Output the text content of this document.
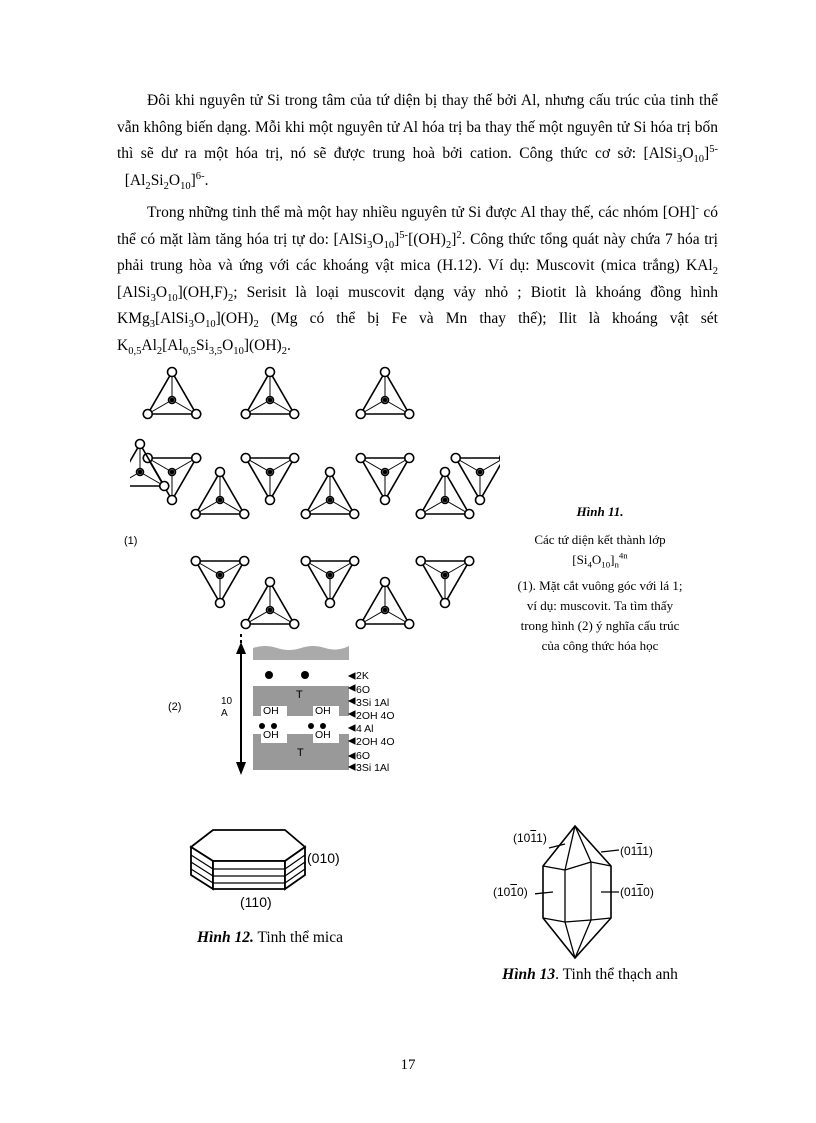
Đôi khi nguyên tử Si trong tâm của tứ diện bị thay thế bởi Al, nhưng cấu trúc của tinh thể vẫn không biến dạng. Mỗi khi một nguyên tử Al hóa trị ba thay thế một nguyên tử Si hóa trị bốn thì sẽ dư ra một hóa trị, nó sẽ được trung hoà bởi cation. Công thức cơ sở: $[AlSi_3O_{10}]^{5-}$  $[Al_2Si_2O_{10}]^{6-}$.

Trong những tinh thể mà một hay nhiều nguyên tử Si được Al thay thế, các nhóm [OH]- có thể có mặt làm tăng hóa trị tự do: $[AlSi_3O_{10}]^{5-}[(OH)_2]^2$. Công thức tổng quát này chứa 7 hóa trị phải trung hòa và ứng với các khoáng vật mica (H.12). Ví dụ: Muscovit (mica trắng) KAl$_2$ $[AlSi_3O_{10}](OH,F)_2$; Serisit là loại muscovit dạng vảy nhỏ ; Biotit là khoáng đồng hình $KMg_3[AlSi_3O_{10}](OH)_2$ (Mg có thể bị Fe và Mn thay thế); Ilit là khoáng vật sét $K_{0,5}Al_2[Al_{0,5}Si_{3,5}O_{10}](OH)_2$.

(1)
(2)	10
A
2K
6O
3Si 1Al
2OH 4O
4 Al
2OH 4O
6O
3Si 1Al
T
T
OH	OH
OH	OH
Hình 11.
Các tứ diện kết thành lớp
$[Si_4O_{10}]_n^{4n}$
(1). Mặt cắt vuông góc với lá 1; ví dụ: muscovit. Ta tìm thấy trong hình (2) ý nghĩa cấu trúc của công thức hóa học
(010)
(110)
Hình 12. Tinh thể mica
(1011)
(0111)
(1010)	(0110)
Hình 13. Tinh thể thạch anh
17
